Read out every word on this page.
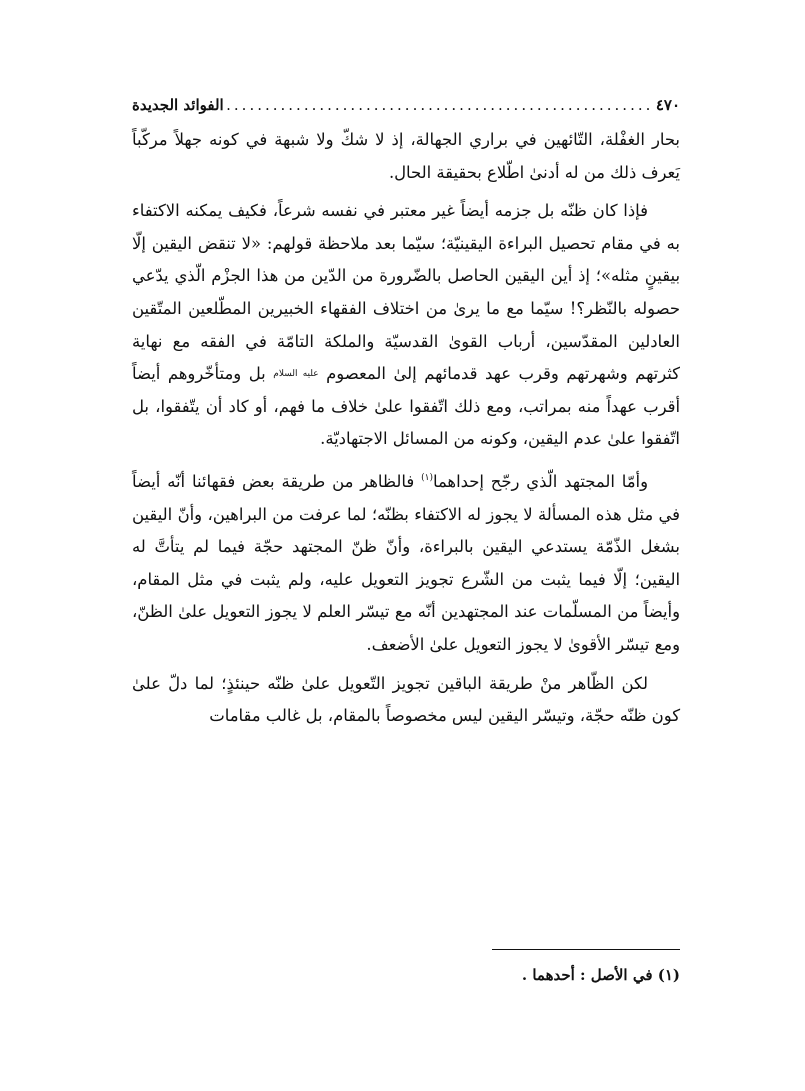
٤٧٠
.......................................................
الفوائد الجديدة

بحار الغفْلة، التّائهين في براري الجهالة، إذ لا شكّ ولا شبهة في كونه جهلاً مركّباً يَعرف ذلك من له أدنىٰ اطّلاع بحقيقة الحال.

فإذا كان ظنّه بل جزمه أيضاً غير معتبر في نفسه شرعاً، فكيف يمكنه الاكتفاء به في مقام تحصيل البراءة اليقينيّة؛ سيّما بعد ملاحظة قولهم: «لا تنقض اليقين إلّا بيقينٍ مثله»؛ إذ أين اليقين الحاصل بالضّرورة من الدّين من هذا الجزْم الّذي يدّعي حصوله بالنّظر؟! سيّما مع ما يرىٰ من اختلاف الفقهاء الخبيرين المطّلعين المتّقين العادلين المقدّسين، أرباب القوىٰ القدسيّة والملكة التامّة في الفقه مع نهاية كثرتهم وشهرتهم وقرب عهد قدمائهم إلىٰ المعصوم عليه السلام بل ومتأخّروهم أيضاً أقرب عهداً منه بمراتب، ومع ذلك اتّفقوا علىٰ خلاف ما فهم، أو كاد أن يتّفقوا، بل اتّفقوا علىٰ عدم اليقين، وكونه من المسائل الاجتهاديّة.

وأمّا المجتهد الّذي رجّح إحداهما$^{(١)}$ فالظاهر من طريقة بعض فقهائنا أنّه أيضاً في مثل هذه المسألة لا يجوز له الاكتفاء بظنّه؛ لما عرفت من البراهين، وأنّ اليقين بشغل الذّمّة يستدعي اليقين بالبراءة، وأنّ ظنّ المجتهد حجّة فيما لم يتأتَّ له اليقين؛ إلّا فيما يثبت من الشّرع تجويز التعويل عليه، ولم يثبت في مثل المقام، وأيضاً من المسلّمات عند المجتهدين أنّه مع تيسّر العلم لا يجوز التعويل علىٰ الظنّ، ومع تيسّر الأقوىٰ لا يجوز التعويل علىٰ الأضعف.

لكن الظّاهر منْ طريقة الباقين تجويز التّعويل علىٰ ظنّه حينئذٍ؛ لما دلّ علىٰ كون ظنّه حجّة، وتيسّر اليقين ليس مخصوصاً بالمقام، بل غالب مقامات

(١) في الأصل : أحدهما .
